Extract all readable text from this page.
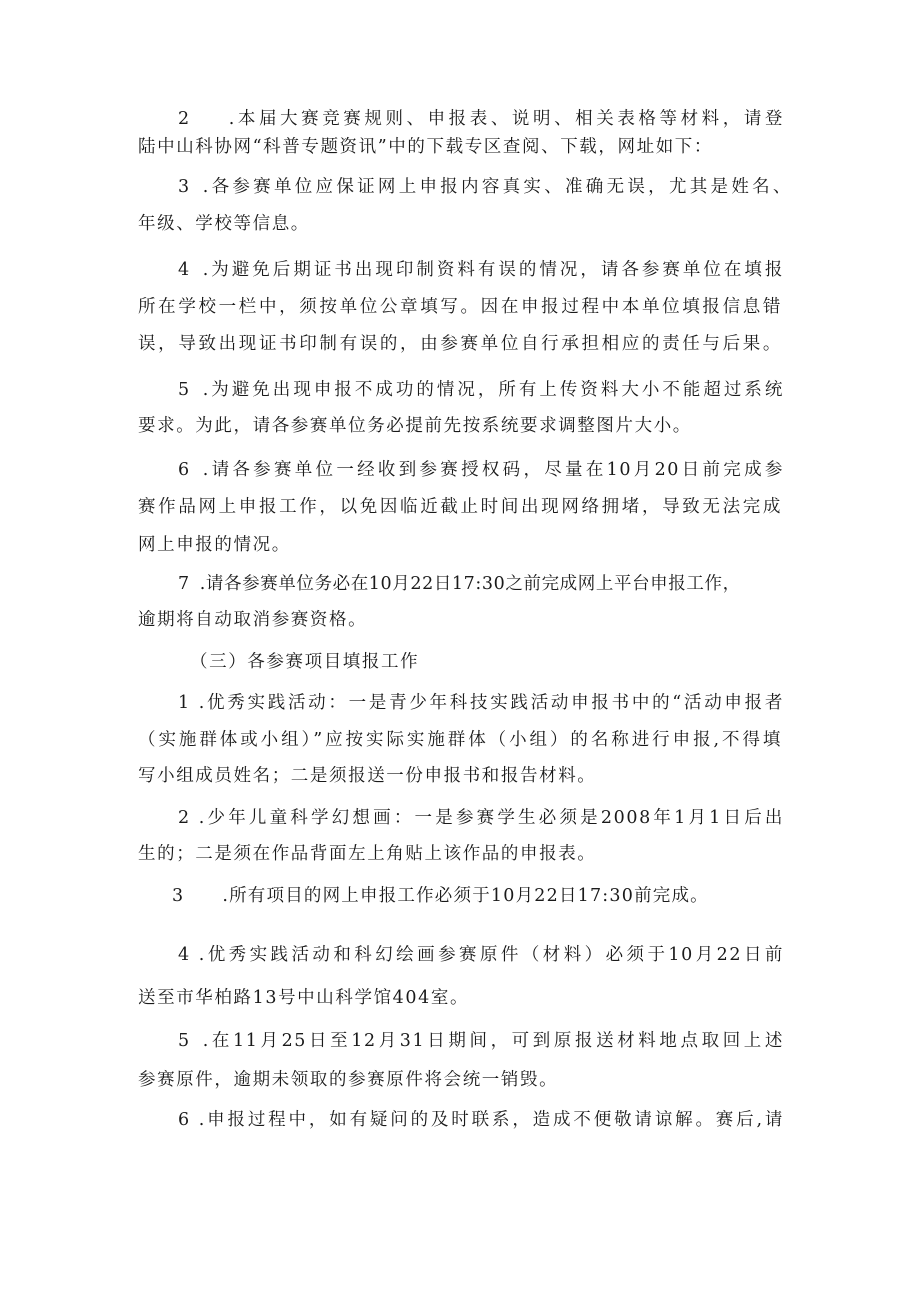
2 .本届大赛竞赛规则、申报表、说明、相关表格等材料，请登
陆中山科协网“科普专题资讯”中的下载专区查阅、下载，网址如下：
3 .各参赛单位应保证网上申报内容真实、准确无误，尤其是姓名、
年级、学校等信息。
4 .为避免后期证书出现印制资料有误的情况，请各参赛单位在填报
所在学校一栏中，须按单位公章填写。因在申报过程中本单位填报信息错
误，导致出现证书印制有误的，由参赛单位自行承担相应的责任与后果。
5 .为避免出现申报不成功的情况，所有上传资料大小不能超过系统
要求。为此，请各参赛单位务必提前先按系统要求调整图片大小。
6 .请各参赛单位一经收到参赛授权码，尽量在10月20日前完成参
赛作品网上申报工作，以免因临近截止时间出现网络拥堵，导致无法完成
网上申报的情况。
7 .请各参赛单位务必在10月22日17:30之前完成网上平台申报工作，
逾期将自动取消参赛资格。
（三）各参赛项目填报工作
1 .优秀实践活动：一是青少年科技实践活动申报书中的“活动申报者
（实施群体或小组）”应按实际实施群体（小组）的名称进行申报,不得填
写小组成员姓名；二是须报送一份申报书和报告材料。
2 .少年儿童科学幻想画：一是参赛学生必须是2008年1月1日后出
生的；二是须在作品背面左上角贴上该作品的申报表。
3 .所有项目的网上申报工作必须于10月22日17:30前完成。
4 .优秀实践活动和科幻绘画参赛原件（材料）必须于10月22日前
送至市华柏路13号中山科学馆404室。
5 .在11月25日至12月31日期间，可到原报送材料地点取回上述
参赛原件，逾期未领取的参赛原件将会统一销毁。
6 .申报过程中，如有疑问的及时联系，造成不便敬请谅解。赛后,请
